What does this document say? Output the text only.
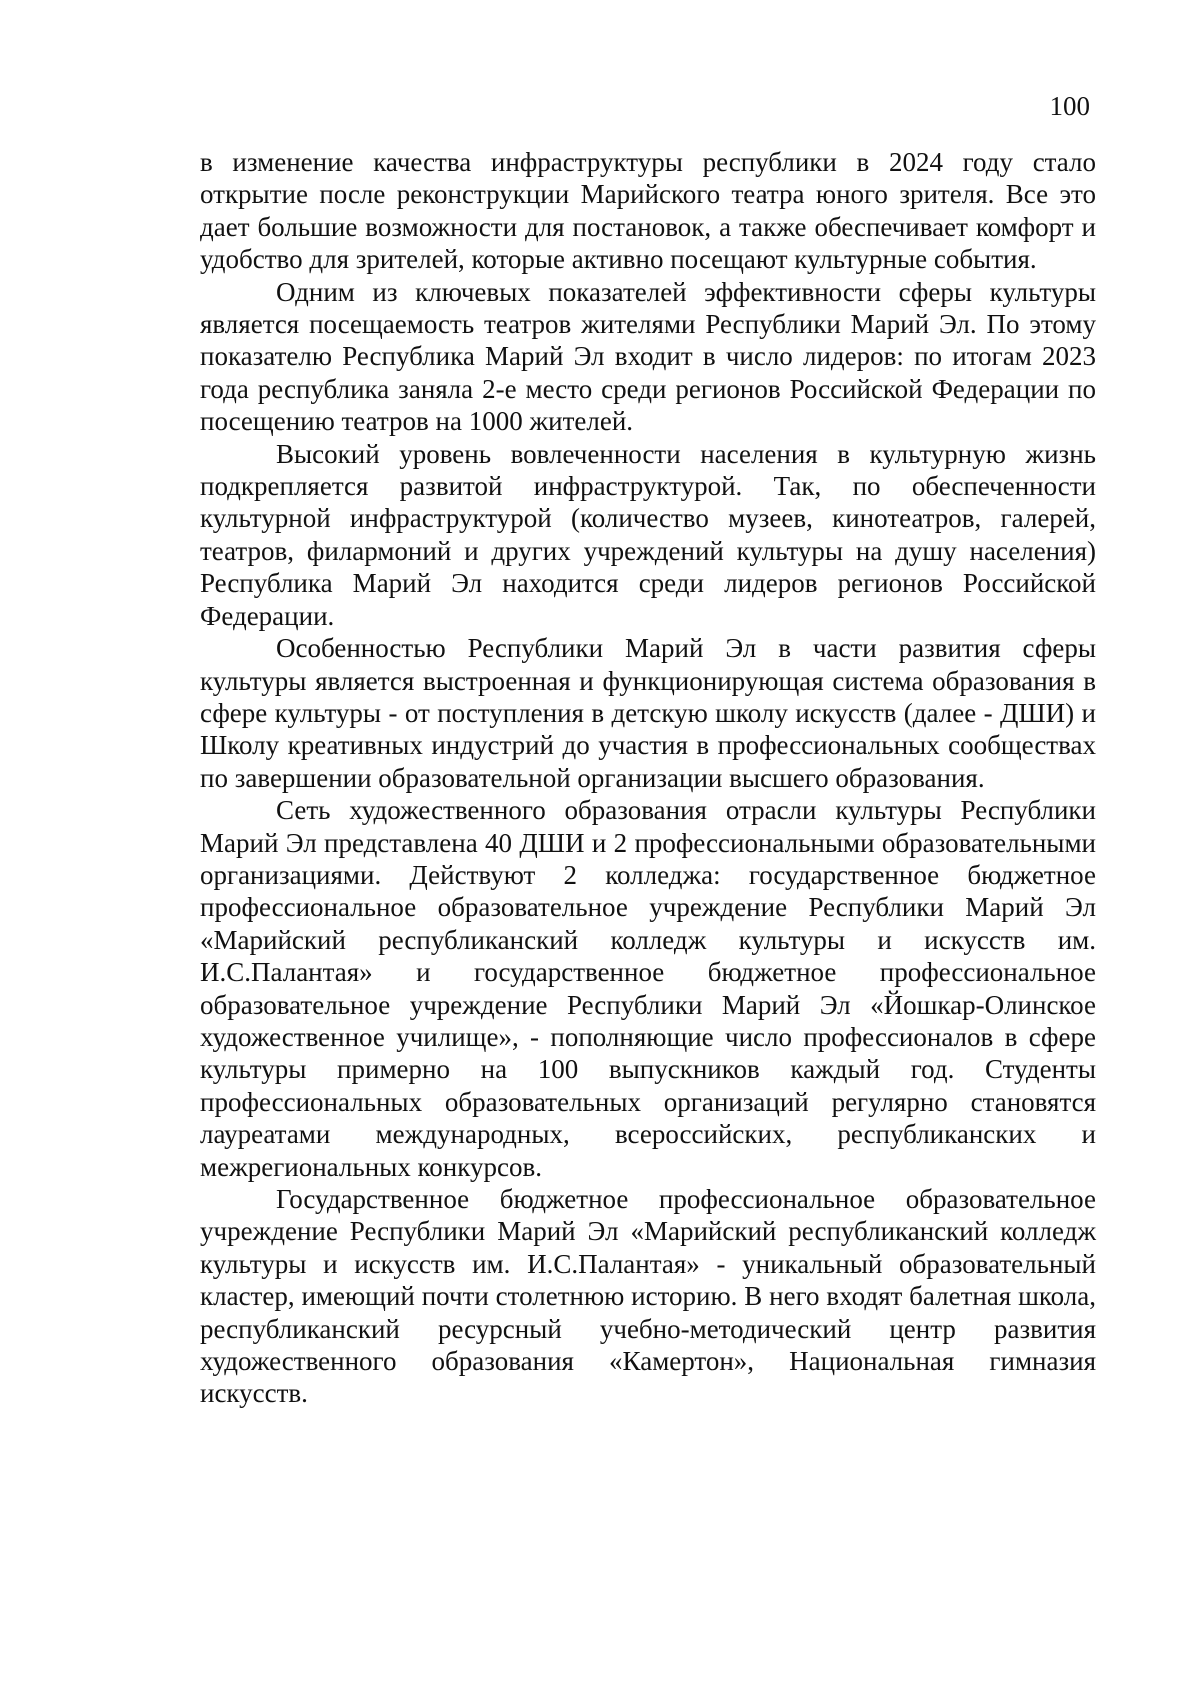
100

в изменение качества инфраструктуры республики в 2024 году стало открытие после реконструкции Марийского театра юного зрителя. Все это дает большие возможности для постановок, а также обеспечивает комфорт и удобство для зрителей, которые активно посещают культурные события.

Одним из ключевых показателей эффективности сферы культуры является посещаемость театров жителями Республики Марий Эл. По этому показателю Республика Марий Эл входит в число лидеров: по итогам 2023 года республика заняла 2-е место среди регионов Российской Федерации по посещению театров на 1000 жителей.

Высокий уровень вовлеченности населения в культурную жизнь подкрепляется развитой инфраструктурой. Так, по обеспеченности культурной инфраструктурой (количество музеев, кинотеатров, галерей, театров, филармоний и других учреждений культуры на душу населения) Республика Марий Эл находится среди лидеров регионов Российской Федерации.

Особенностью Республики Марий Эл в части развития сферы культуры является выстроенная и функционирующая система образования в сфере культуры - от поступления в детскую школу искусств (далее - ДШИ) и Школу креативных индустрий до участия в профессиональных сообществах по завершении образовательной организации высшего образования.

Сеть художественного образования отрасли культуры Республики Марий Эл представлена 40 ДШИ и 2 профессиональными образовательными организациями. Действуют 2 колледжа: государственное бюджетное профессиональное образовательное учреждение Республики Марий Эл «Марийский республиканский колледж культуры и искусств им. И.С.Палантая» и государственное бюджетное профессиональное образовательное учреждение Республики Марий Эл «Йошкар-Олинское художественное училище», - пополняющие число профессионалов в сфере культуры примерно на 100 выпускников каждый год. Студенты профессиональных образовательных организаций регулярно становятся лауреатами международных, всероссийских, республиканских и межрегиональных конкурсов.

Государственное бюджетное профессиональное образовательное учреждение Республики Марий Эл «Марийский республиканский колледж культуры и искусств им. И.С.Палантая» - уникальный образовательный кластер, имеющий почти столетнюю историю. В него входят балетная школа, республиканский ресурсный учебно-методический центр развития художественного образования «Камертон», Национальная гимназия искусств.
